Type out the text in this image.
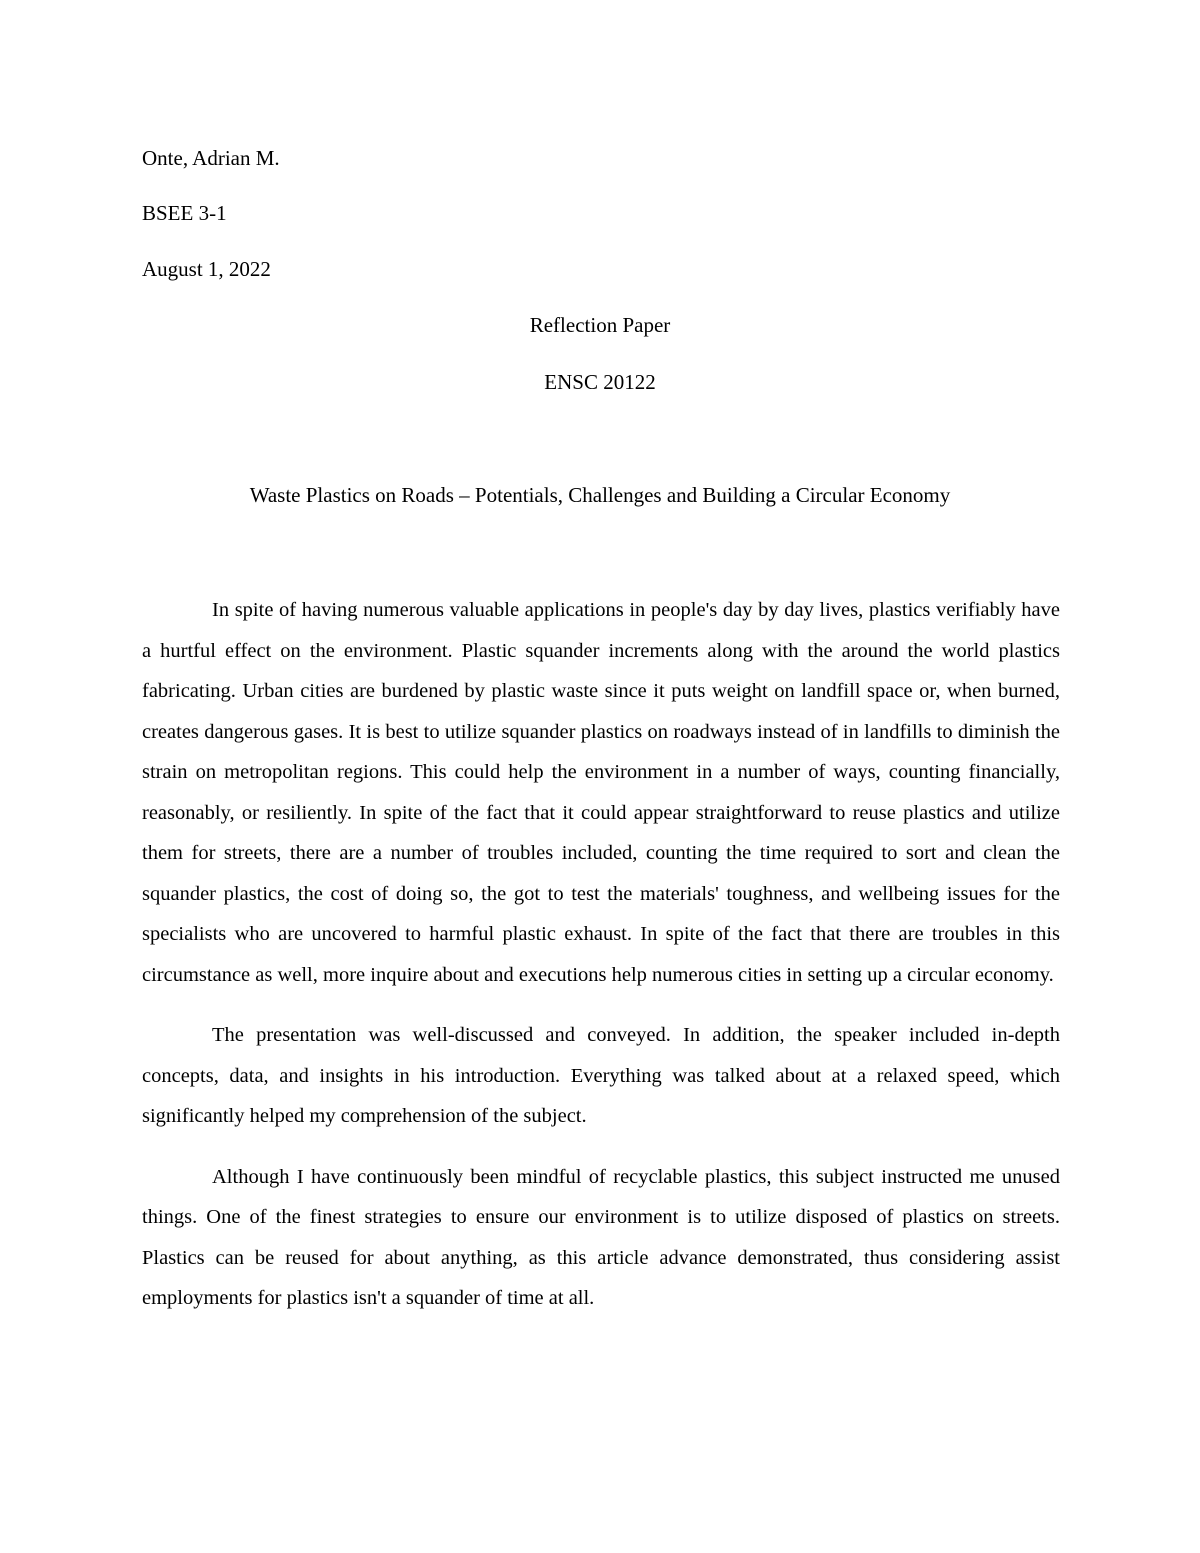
Onte, Adrian M.
BSEE 3-1
August 1, 2022
Reflection Paper
ENSC 20122
Waste Plastics on Roads – Potentials, Challenges and Building a Circular Economy

In spite of having numerous valuable applications in people's day by day lives, plastics verifiably have a hurtful effect on the environment. Plastic squander increments along with the around the world plastics fabricating. Urban cities are burdened by plastic waste since it puts weight on landfill space or, when burned, creates dangerous gases. It is best to utilize squander plastics on roadways instead of in landfills to diminish the strain on metropolitan regions. This could help the environment in a number of ways, counting financially, reasonably, or resiliently. In spite of the fact that it could appear straightforward to reuse plastics and utilize them for streets, there are a number of troubles included, counting the time required to sort and clean the squander plastics, the cost of doing so, the got to test the materials' toughness, and wellbeing issues for the specialists who are uncovered to harmful plastic exhaust. In spite of the fact that there are troubles in this circumstance as well, more inquire about and executions help numerous cities in setting up a circular economy.

The presentation was well-discussed and conveyed. In addition, the speaker included in-depth concepts, data, and insights in his introduction. Everything was talked about at a relaxed speed, which significantly helped my comprehension of the subject.

Although I have continuously been mindful of recyclable plastics, this subject instructed me unused things. One of the finest strategies to ensure our environment is to utilize disposed of plastics on streets. Plastics can be reused for about anything, as this article advance demonstrated, thus considering assist employments for plastics isn't a squander of time at all.
